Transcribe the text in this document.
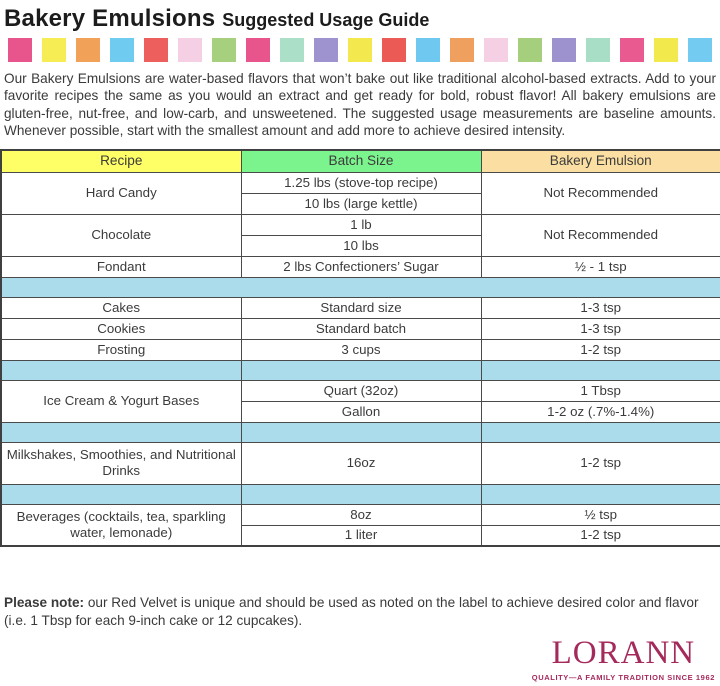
Bakery Emulsions Suggested Usage Guide

Our Bakery Emulsions are water-based flavors that won’t bake out like traditional alcohol-based extracts. Add to your favorite recipes the same as you would an extract and get ready for bold, robust flavor! All bakery emulsions are gluten-free, nut-free, and low-carb, and unsweetened. The suggested usage measurements are baseline amounts. Whenever possible, start with the smallest amount and add more to achieve desired intensity.

Recipe	Batch Size	Bakery Emulsion
Hard Candy	1.25 lbs (stove-top recipe)	Not Recommended
	10 lbs (large kettle)	
Chocolate	1 lb	Not Recommended
	10 lbs	
Fondant	2 lbs Confectioners’ Sugar	½ - 1 tsp

Cakes	Standard size	1-3 tsp
Cookies	Standard batch	1-3 tsp
Frosting	3 cups	1-2 tsp

Ice Cream & Yogurt Bases	Quart (32oz)	1 Tbsp
	Gallon	1-2 oz (.7%-1.4%)

Milkshakes, Smoothies, and Nutritional Drinks	16oz	1-2 tsp

Beverages (cocktails, tea, sparkling water, lemonade)	8oz	½ tsp
	1 liter	1-2 tsp

Please note: our Red Velvet is unique and should be used as noted on the label to achieve desired color and flavor (i.e. 1 Tbsp for each 9-inch cake or 12 cupcakes).

LORANN
QUALITY—A FAMILY TRADITION SINCE 1962
